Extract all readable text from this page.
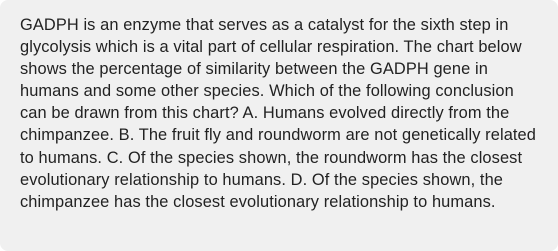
GADPH is an enzyme that serves as a catalyst for the sixth step in glycolysis which is a vital part of cellular respiration. The chart below shows the percentage of similarity between the GADPH gene in humans and some other species. Which of the following conclusion can be drawn from this chart? A. Humans evolved directly from the chimpanzee. B. The fruit fly and roundworm are not genetically related to humans. C. Of the species shown, the roundworm has the closest evolutionary relationship to humans. D. Of the species shown, the chimpanzee has the closest evolutionary relationship to humans.
